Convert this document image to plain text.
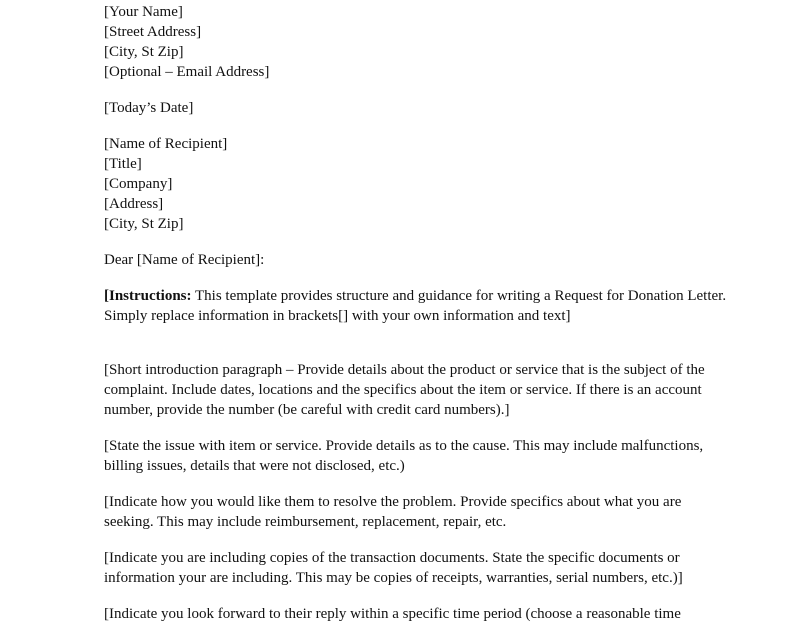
[Your Name]
[Street Address]
[City, St Zip]
[Optional – Email Address]
[Today’s Date]
[Name of Recipient]
[Title]
[Company]
[Address]
[City, St Zip]
Dear [Name of Recipient]:
[Instructions: This template provides structure and guidance for writing a Request for Donation Letter.
Simply replace information in brackets[] with your own information and text]
[Short introduction paragraph – Provide details about the product or service that is the subject of the
complaint. Include dates, locations and the specifics about the item or service. If there is an account
number, provide the number (be careful with credit card numbers).]
[State the issue with item or service. Provide details as to the cause. This may include malfunctions,
billing issues, details that were not disclosed, etc.)
[Indicate how you would like them to resolve the problem. Provide specifics about what you are
seeking. This may include reimbursement, replacement, repair, etc.
[Indicate you are including copies of the transaction documents. State the specific documents or
information your are including. This may be copies of receipts, warranties, serial numbers, etc.)]
[Indicate you look forward to their reply within a specific time period (choose a reasonable time
